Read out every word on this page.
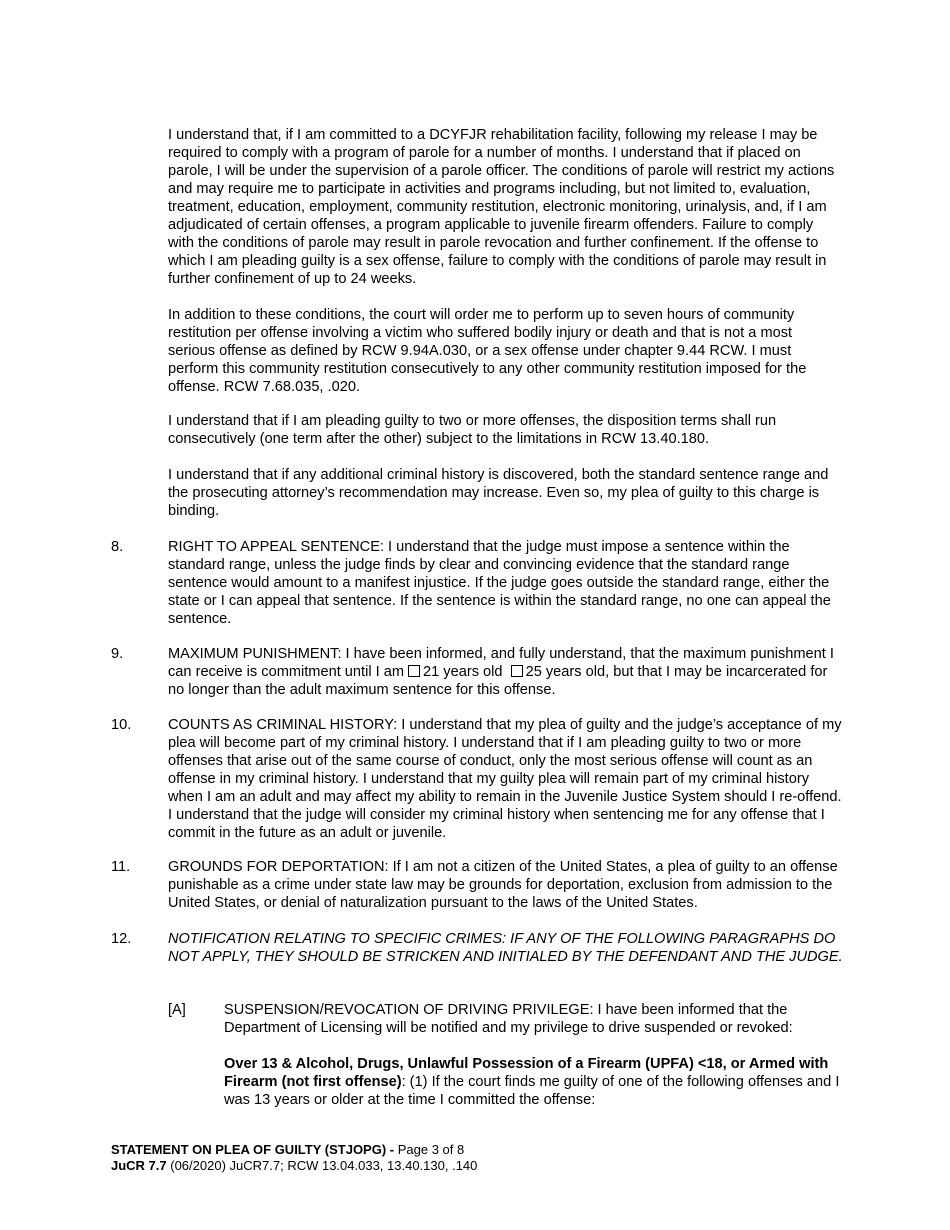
I understand that, if I am committed to a DCYFJR rehabilitation facility, following my release I may be required to comply with a program of parole for a number of months. I understand that if placed on parole, I will be under the supervision of a parole officer. The conditions of parole will restrict my actions and may require me to participate in activities and programs including, but not limited to, evaluation, treatment, education, employment, community restitution, electronic monitoring, urinalysis, and, if I am adjudicated of certain offenses, a program applicable to juvenile firearm offenders. Failure to comply with the conditions of parole may result in parole revocation and further confinement. If the offense to which I am pleading guilty is a sex offense, failure to comply with the conditions of parole may result in further confinement of up to 24 weeks.

In addition to these conditions, the court will order me to perform up to seven hours of community restitution per offense involving a victim who suffered bodily injury or death and that is not a most serious offense as defined by RCW 9.94A.030, or a sex offense under chapter 9.44 RCW. I must perform this community restitution consecutively to any other community restitution imposed for the offense. RCW 7.68.035, .020.

I understand that if I am pleading guilty to two or more offenses, the disposition terms shall run consecutively (one term after the other) subject to the limitations in RCW 13.40.180.

I understand that if any additional criminal history is discovered, both the standard sentence range and the prosecuting attorney’s recommendation may increase. Even so, my plea of guilty to this charge is binding.

8.	RIGHT TO APPEAL SENTENCE: I understand that the judge must impose a sentence within the standard range, unless the judge finds by clear and convincing evidence that the standard range sentence would amount to a manifest injustice. If the judge goes outside the standard range, either the state or I can appeal that sentence. If the sentence is within the standard range, no one can appeal the sentence.

9.	MAXIMUM PUNISHMENT: I have been informed, and fully understand, that the maximum punishment I can receive is commitment until I am 21 years old 25 years old, but that I may be incarcerated for no longer than the adult maximum sentence for this offense.

10.	COUNTS AS CRIMINAL HISTORY: I understand that my plea of guilty and the judge’s acceptance of my plea will become part of my criminal history. I understand that if I am pleading guilty to two or more offenses that arise out of the same course of conduct, only the most serious offense will count as an offense in my criminal history. I understand that my guilty plea will remain part of my criminal history when I am an adult and may affect my ability to remain in the Juvenile Justice System should I re-offend. I understand that the judge will consider my criminal history when sentencing me for any offense that I commit in the future as an adult or juvenile.

11.	GROUNDS FOR DEPORTATION: If I am not a citizen of the United States, a plea of guilty to an offense punishable as a crime under state law may be grounds for deportation, exclusion from admission to the United States, or denial of naturalization pursuant to the laws of the United States.

12.	NOTIFICATION RELATING TO SPECIFIC CRIMES: IF ANY OF THE FOLLOWING PARAGRAPHS DO NOT APPLY, THEY SHOULD BE STRICKEN AND INITIALED BY THE DEFENDANT AND THE JUDGE.

[A]	SUSPENSION/REVOCATION OF DRIVING PRIVILEGE: I have been informed that the Department of Licensing will be notified and my privilege to drive suspended or revoked:

Over 13 & Alcohol, Drugs, Unlawful Possession of a Firearm (UPFA) <18, or Armed with Firearm (not first offense): (1) If the court finds me guilty of one of the following offenses and I was 13 years or older at the time I committed the offense:

STATEMENT ON PLEA OF GUILTY (STJOPG) - Page 3 of 8
JuCR 7.7 (06/2020) JuCR7.7; RCW 13.04.033, 13.40.130, .140
